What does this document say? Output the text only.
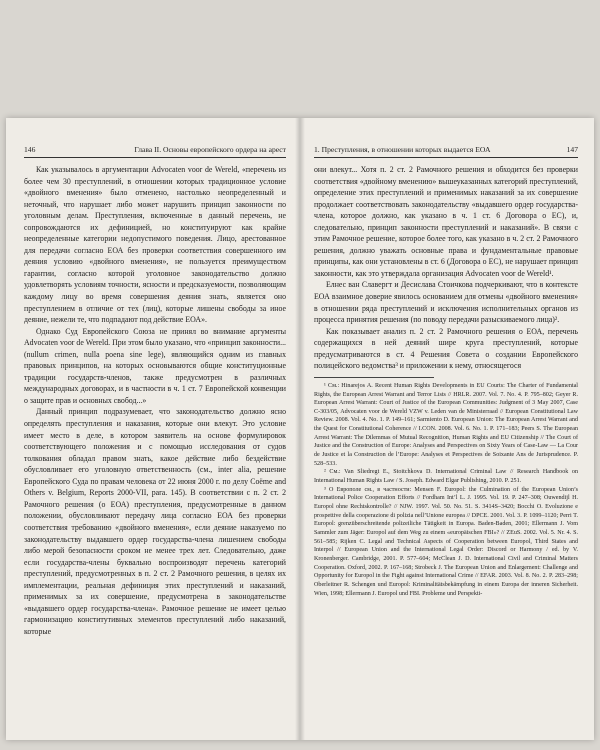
146	Глава II. Основы европейского ордера на арест

Как указывалось в аргументации Advocaten voor de Wereld, «перечень из более чем 30 преступлений, в отношении которых традиционное условие «двойного вменения» было отменено, настолько неопределенный и неточный, что нарушает либо может нарушить принцип законности по уголовным делам. Преступления, включенные в данный перечень, не сопровождаются их дефиницией, но конституируют как крайне неопределенные категории недопустимого поведения. Лицо, арестованное для передачи согласно ЕОА без проверки соответствия совершенного им деяния условию «двойного вменения», не пользуется преимуществом гарантии, согласно которой уголовное законодательство должно удовлетворять условиям точности, ясности и предсказуемости, позволяющим каждому лицу во время совершения деяния знать, является оно преступлением в отличие от тех (лиц), которые лишены свободы за иное деяние, нежели те, что подпадают под действие ЕОА».

Однако Суд Европейского Союза не принял во внимание аргументы Advocaten voor de Wereld. При этом было указано, что «принцип законности... (nullum crimen, nulla poena sine lege), являющийся одним из главных правовых принципов, на которых основываются общие конституционные традиции государств-членов, также предусмотрен в различных международных договорах, и в частности в ч. 1 ст. 7 Европейской конвенции о защите прав и основных свобод...»

Данный принцип подразумевает, что законодательство должно ясно определять преступления и наказания, которые они влекут. Это условие имеет место в деле, в котором заявитель на основе формулировок соответствующего положения и с помощью исследования от судов толкования обладал правом знать, какое действие либо бездействие обусловливает его уголовную ответственность (см., inter alia, решение Европейского Суда по правам человека от 22 июня 2000 г. по делу Coëme and Others v. Belgium, Reports 2000-VII, para. 145). В соответствии с п. 2 ст. 2 Рамочного решения (о ЕОА) преступления, предусмотренные в данном положении, обусловливают передачу лица согласно ЕОА без проверки соответствия требованию «двойного вменения», если деяние наказуемо по законодательству выдавшего ордер государства-члена лишением свободы либо мерой безопасности сроком не менее трех лет. Следовательно, даже если государства-члены буквально воспроизводят перечень категорий преступлений, предусмотренных в п. 2 ст. 2 Рамочного решения, в целях их имплементации, реальная дефиниция этих преступлений и наказаний, применимых за их совершение, предусмотрена в законодательстве «выдавшего ордер государства-члена». Рамочное решение не имеет целью гармонизацию конститутивных элементов преступлений либо наказаний, которые

1. Преступления, в отношении которых выдается ЕОА	147

они влекут... Хотя п. 2 ст. 2 Рамочного решения и обходится без проверки соответствия «двойному вменению» вышеуказанных категорий преступлений, определение этих преступлений и применимых наказаний за их совершение продолжает соответствовать законодательству «выдавшего ордер государства-члена, которое должно, как указано в ч. 1 ст. 6 Договора о ЕС), и, следовательно, принцип законности преступлений и наказаний». В связи с этим Рамочное решение, которое более того, как указано в ч. 2 ст. 2 Рамочного решения, должно уважать основные права и фундаментальные правовые принципы, как они установлены в ст. 6 (Договора о ЕС), не нарушает принцип законности, как это утверждала организация Advocaten voor de Wereld¹.

Елнес ван Славергт и Десислава Стоичкова подчеркивают, что в контексте ЕОА взаимное доверие явилось основанием для отмены «двойного вменения» в отношении ряда преступлений и исключения исполнительных органов из процесса принятия решения (по поводу передачи разыскиваемого лица)².

Как показывает анализ п. 2 ст. 2 Рамочного решения о ЕОА, перечень содержащихся в ней деяний шире круга преступлений, которые предусматриваются в ст. 4 Решения Совета о создании Европейского полицейского ведомства³ и приложении к нему, относящегося

¹ См.: Hinarejos A. Recent Human Rights Developments in EU Courts: The Charter of Fundamental Rights, the European Arrest Warrant and Terror Lists // HRLR. 2007. Vol. 7. No. 4. P. 795–802; Geyer R. European Arrest Warrant: Court of Justice of the European Communities: Judgment of 3 May 2007, Case C-303/05, Advocaten voor de Wereld VZW v. Leden van de Ministerraad // European Constitutional Law Review. 2008. Vol. 4. No. 1. P. 149–161; Sarmiento D. European Union: The European Arrest Warrant and the Quest for Constitutional Coherence // I.CON. 2008. Vol. 6. No. 1. P. 171–183; Peers S. The European Arrest Warrant: The Dilemmas of Mutual Recognition, Human Rights and EU Citizenship // The Court of Justice and the Construction of Europe: Analyses and Perspectives on Sixty Years of Case-Law — La Cour de Justice et la Construction de l’Europe: Analyses et Perspectives de Soixante Ans de Jurisprudence. P. 528–533.

² См.: Van Sliedregt E., Stoitchkova D. International Criminal Law // Research Handbook on International Human Rights Law / S. Joseph. Edward Elgar Publishing, 2010. P. 251.

³ О Европоле см., в частности: Mensen F. Europol: the Culmination of the European Union’s International Police Cooperation Efforts // Fordham Int’l L. J. 1995. Vol. 19. P. 247–308; Ouwendijl H. Europol ohne Rechtskontrolle? // NJW. 1997. Vol. 50. No. 51. S. 3414S–3420; Bocchi O. Evoluzione e prospettive della cooperazione di polizia nell’Unione europea // DPCE. 2001. Vol. 3. P. 1099–1120; Perri T. Europol: grenzüberschreitende polizeiliche Tätigkeit in Europa. Baden-Baden, 2001; Ellermann J. Vom Sammler zum Jäger: Europol auf dem Weg zu einem «europäischen FBI»? // ZEuS. 2002. Vol. 5. Nr. 4. S. 561–585; Rijken C. Legal and Technical Aspects of Cooperation between Europol, Third States and Interpol // European Union and the International Legal Order: Discord or Harmony / ed. by V. Kronenberger. Cambridge, 2001. P. 577–604; McClean J. D. International Civil and Criminal Matters Cooperation. Oxford, 2002. P. 167–168; Strobeck J. The European Union and Enlargement: Challenge and Opportunity for Europol in the Fight against International Crime // EFAR. 2003. Vol. 8. No. 2. P. 283–298; Oberleitner R. Schengen und Europol: Kriminalitätsbekämpfung in einem Europa der inneren Sicherheit. Wien, 1998; Ellermann J. Europol und FBI. Probleme und Perspekti-
